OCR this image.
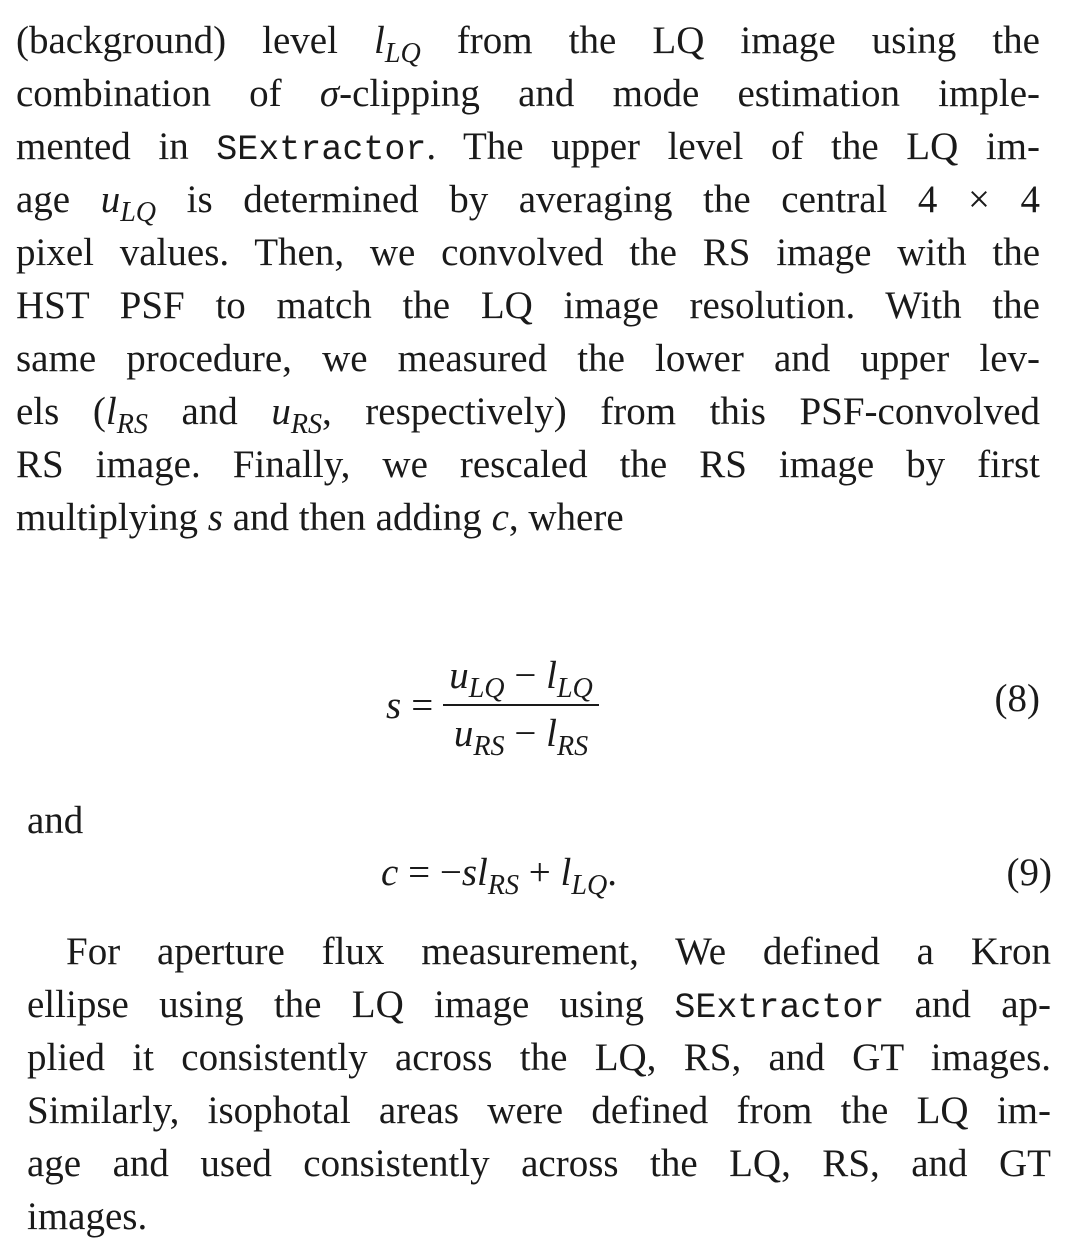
(background) level $l_{LQ}$ from the LQ image using the
combination of σ-clipping and mode estimation imple-
mented in SExtractor. The upper level of the LQ im-
age $u_{LQ}$ is determined by averaging the central 4 × 4
pixel values. Then, we convolved the RS image with the
HST PSF to match the LQ image resolution. With the
same procedure, we measured the lower and upper lev-
els ($l_{RS}$ and $u_{RS}$, respectively) from this PSF-convolved
RS image. Finally, we rescaled the RS image by first
multiplying s and then adding c, where
$s = \frac{u_{LQ} - l_{LQ}}{u_{RS} - l_{RS}}$	(8)
and
$c = -sl_{RS} + l_{LQ}$.	(9)
For aperture flux measurement, We defined a Kron
ellipse using the LQ image using SExtractor and ap-
plied it consistently across the LQ, RS, and GT images.
Similarly, isophotal areas were defined from the LQ im-
age and used consistently across the LQ, RS, and GT
images.
